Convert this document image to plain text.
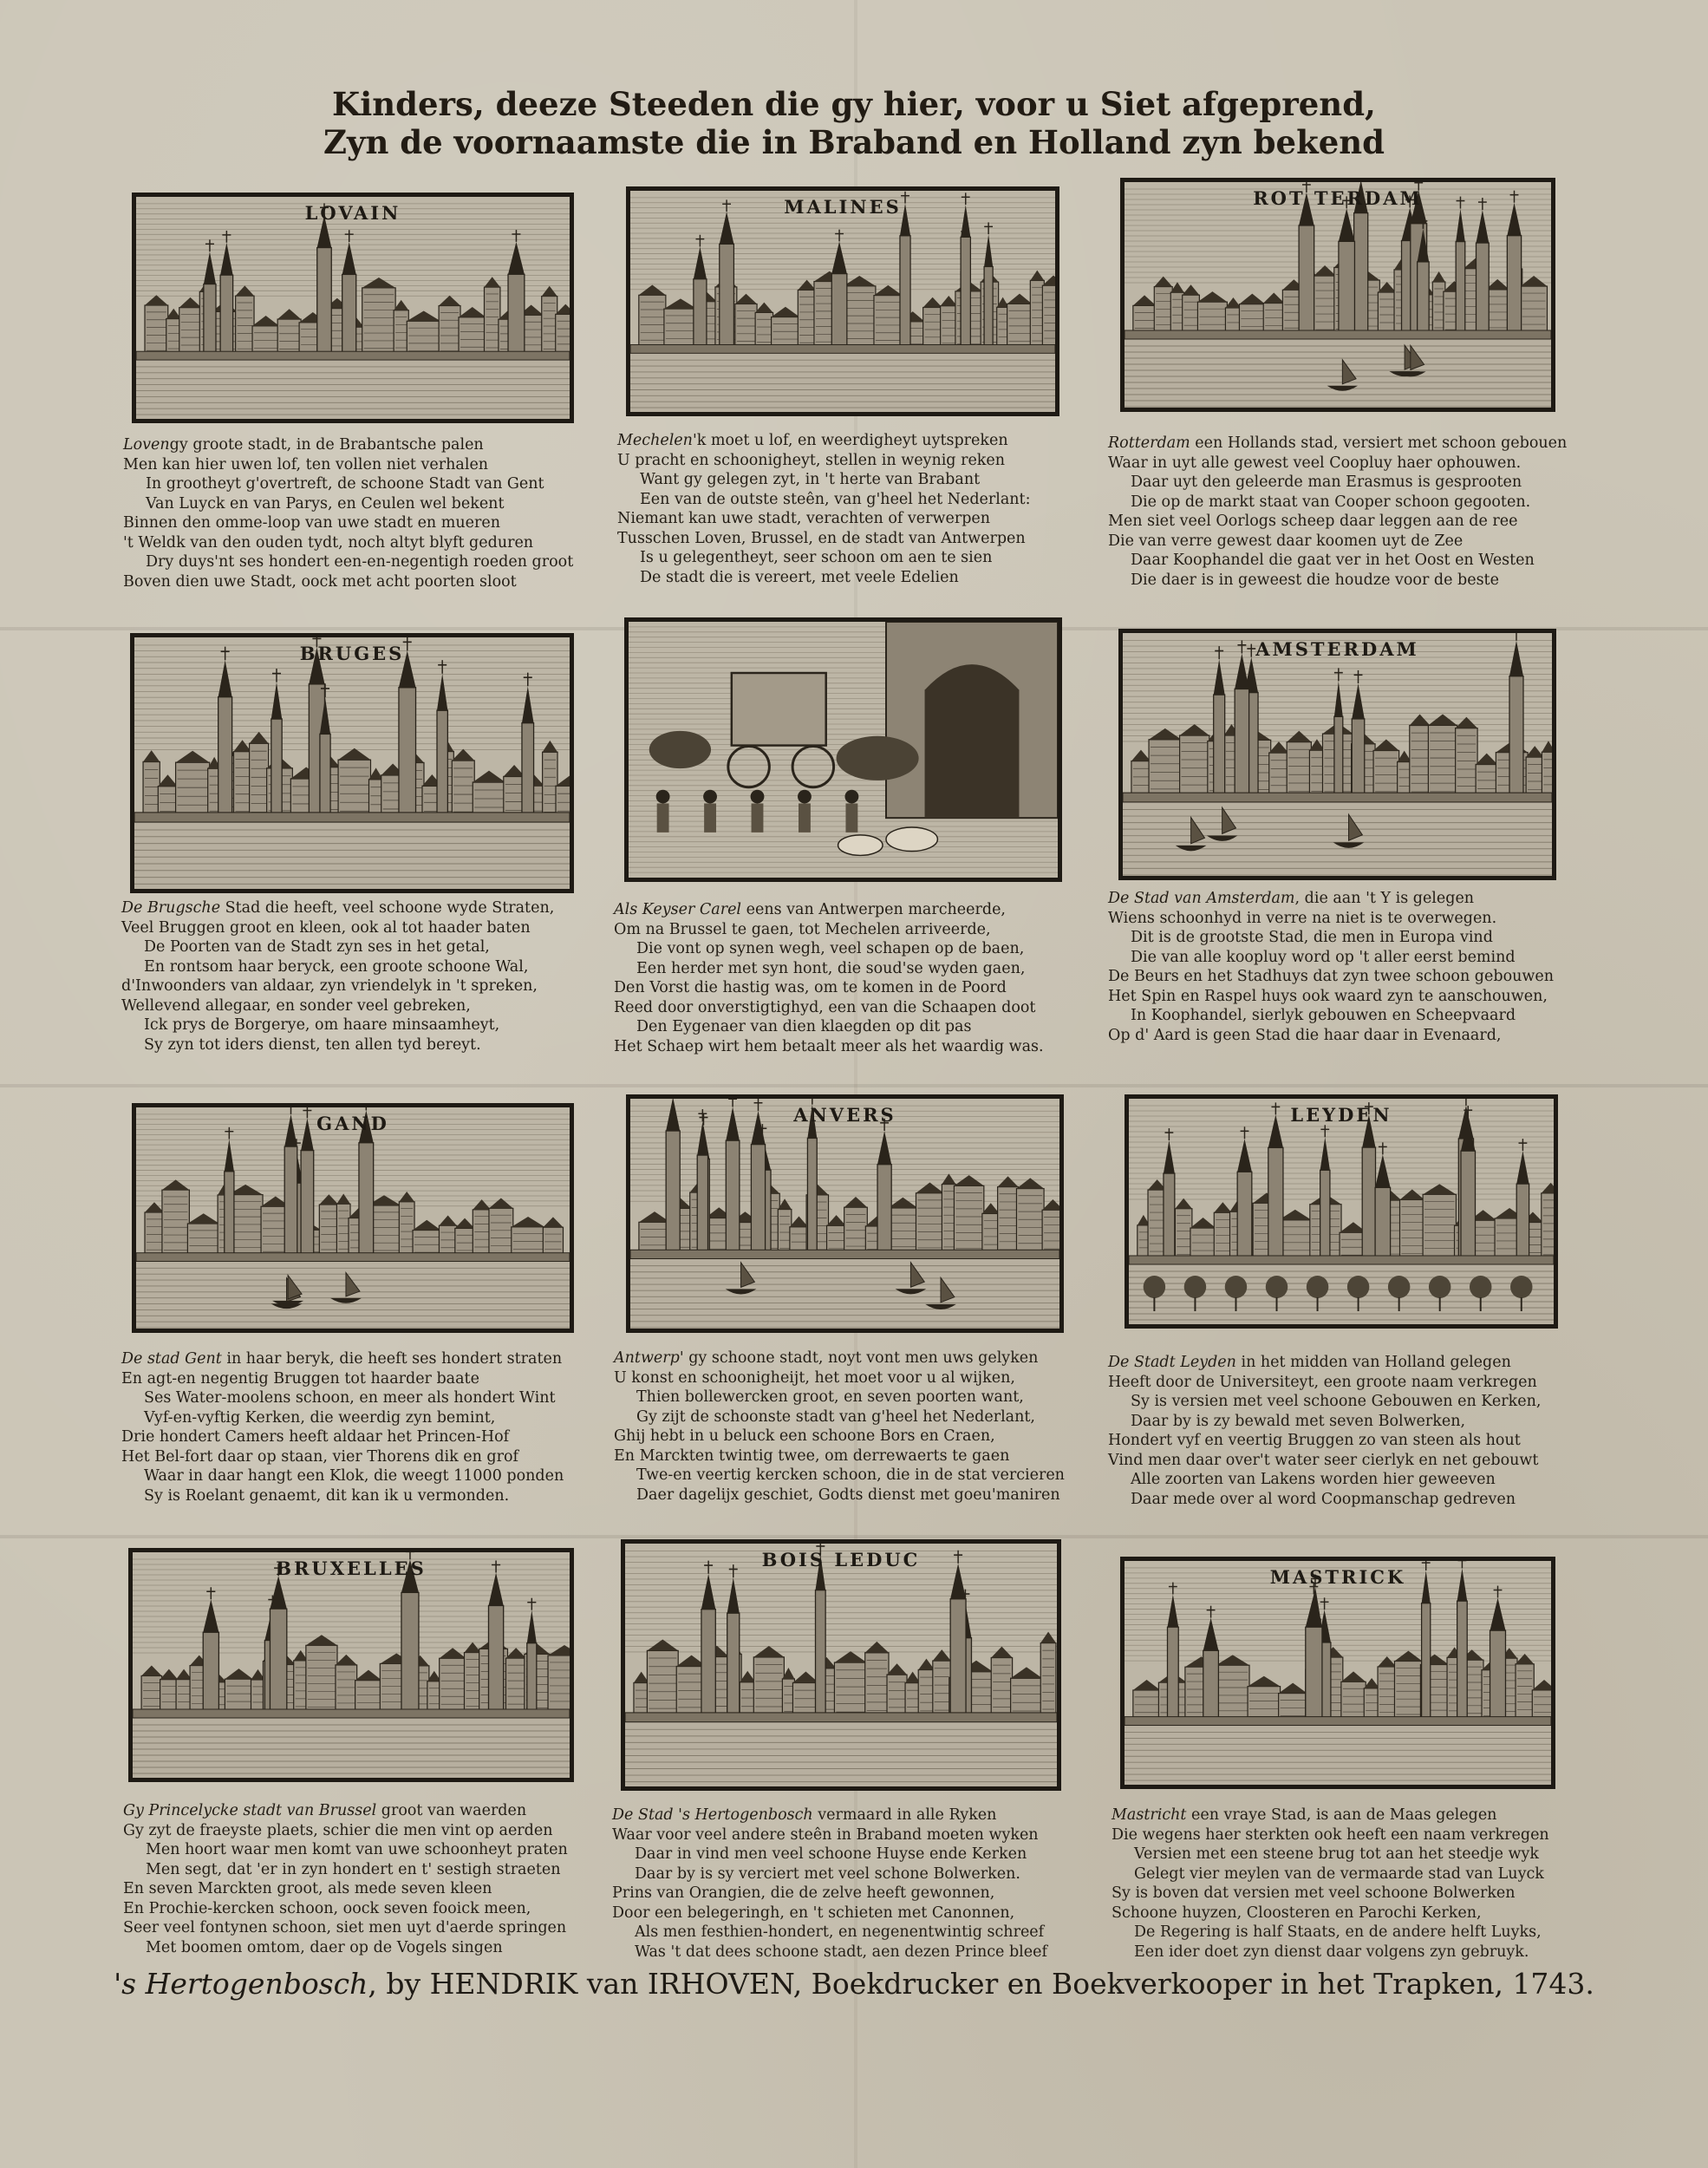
Kinders, deeze Steeden die gy hier, voor u Siet afgeprend,
Zyn de voornaamste die in Braband en Holland zyn bekend
LOVAIN	MALINES	ROT TERDAM
Lovengy groote stadt, in de Brabantsche palen
Men kan hier uwen lof, ten vollen niet verhalen
In grootheyt g'overtreft, de schoone Stadt van Gent
Van Luyck en van Parys, en Ceulen wel bekent
Binnen den omme-loop van uwe stadt en mueren
't Weldk van den ouden tydt, noch altyt blyft geduren
Dry duys'nt ses hondert een-en-negentigh roeden groot
Boven dien uwe Stadt, oock met acht poorten sloot
Mechelen'k moet u lof, en weerdigheyt uytspreken
U pracht en schoonigheyt, stellen in weynig reken
Want gy gelegen zyt, in 't herte van Brabant
Een van de outste steên, van g'heel het Nederlant:
Niemant kan uwe stadt, verachten of verwerpen
Tusschen Loven, Brussel, en de stadt van Antwerpen
Is u gelegentheyt, seer schoon om aen te sien
De stadt die is vereert, met veele Edelien
Rotterdam een Hollands stad, versiert met schoon gebouen
Waar in uyt alle gewest veel Coopluy haer ophouwen.
Daar uyt den geleerde man Erasmus is gesprooten
Die op de markt staat van Cooper schoon gegooten.
Men siet veel Oorlogs scheep daar leggen aan de ree
Die van verre gewest daar koomen uyt de Zee
Daar Koophandel die gaat ver in het Oost en Westen
Die daer is in geweest die houdze voor de beste
BRUGES	AMSTERDAM
De Brugsche Stad die heeft, veel schoone wyde Straten,
Veel Bruggen groot en kleen, ook al tot haader baten
De Poorten van de Stadt zyn ses in het getal,
En rontsom haar beryck, een groote schoone Wal,
d'Inwoonders van aldaar, zyn vriendelyk in 't spreken,
Wellevend allegaar, en sonder veel gebreken,
Ick prys de Borgerye, om haare minsaamheyt,
Sy zyn tot iders dienst, ten allen tyd bereyt.
Als Keyser Carel eens van Antwerpen marcheerde,
Om na Brussel te gaen, tot Mechelen arriveerde,
Die vont op synen wegh, veel schapen op de baen,
Een herder met syn hont, die soud'se wyden gaen,
Den Vorst die hastig was, om te komen in de Poord
Reed door onverstigtighyd, een van die Schaapen doot
Den Eygenaer van dien klaegden op dit pas
Het Schaep wirt hem betaalt meer als het waardig was.
De Stad van Amsterdam, die aan 't Y is gelegen
Wiens schoonhyd in verre na niet is te overwegen.
Dit is de grootste Stad, die men in Europa vind
Die van alle koopluy word op 't aller eerst bemind
De Beurs en het Stadhuys dat zyn twee schoon gebouwen
Het Spin en Raspel huys ook waard zyn te aanschouwen,
In Koophandel, sierlyk gebouwen en Scheepvaard
Op d' Aard is geen Stad die haar daar in Evenaard,
GAND	ANVERS	LEYDEN
De stad Gent in haar beryk, die heeft ses hondert straten
En agt-en negentig Bruggen tot haarder baate
Ses Water-moolens schoon, en meer als hondert Wint
Vyf-en-vyftig Kerken, die weerdig zyn bemint,
Drie hondert Camers heeft aldaar het Princen-Hof
Het Bel-fort daar op staan, vier Thorens dik en grof
Waar in daar hangt een Klok, die weegt 11000 ponden
Sy is Roelant genaemt, dit kan ik u vermonden.
Antwerp' gy schoone stadt, noyt vont men uws gelyken
U konst en schoonigheijt, het moet voor u al wijken,
Thien bollewercken groot, en seven poorten want,
Gy zijt de schoonste stadt van g'heel het Nederlant,
Ghij hebt in u beluck een schoone Bors en Craen,
En Marckten twintig twee, om derrewaerts te gaen
Twe-en veertig kercken schoon, die in de stat vercieren
Daer dagelijx geschiet, Godts dienst met goeu'maniren
De Stadt Leyden in het midden van Holland gelegen
Heeft door de Universiteyt, een groote naam verkregen
Sy is versien met veel schoone Gebouwen en Kerken,
Daar by is zy bewald met seven Bolwerken,
Hondert vyf en veertig Bruggen zo van steen als hout
Vind men daar over't water seer cierlyk en net gebouwt
Alle zoorten van Lakens worden hier geweeven
Daar mede over al word Coopmanschap gedreven
BRUXELLES	BOIS LEDUC
MASTRICK
Gy Princelycke stadt van Brussel groot van waerden
Gy zyt de fraeyste plaets, schier die men vint op aerden
Men hoort waar men komt van uwe schoonheyt praten
Men segt, dat 'er in zyn hondert en t' sestigh straeten
En seven Marckten groot, als mede seven kleen
En Prochie-kercken schoon, oock seven fooick meen,
Seer veel fontynen schoon, siet men uyt d'aerde springen
Met boomen omtom, daer op de Vogels singen
De Stad 's Hertogenbosch vermaard in alle Ryken
Waar voor veel andere steên in Braband moeten wyken
Daar in vind men veel schoone Huyse ende Kerken
Daar by is sy verciert met veel schone Bolwerken.
Prins van Orangien, die de zelve heeft gewonnen,
Door een belegeringh, en 't schieten met Canonnen,
Als men festhien-hondert, en negenentwintig schreef
Was 't dat dees schoone stadt, aen dezen Prince bleef
Mastricht een vraye Stad, is aan de Maas gelegen
Die wegens haer sterkten ook heeft een naam verkregen
Versien met een steene brug tot aan het steedje wyk
Gelegt vier meylen van de vermaarde stad van Luyck
Sy is boven dat versien met veel schoone Bolwerken
Schoone huyzen, Cloosteren en Parochi Kerken,
De Regering is half Staats, en de andere helft Luyks,
Een ider doet zyn dienst daar volgens zyn gebruyk.
's Hertogenbosch, by HENDRIK van IRHOVEN, Boekdrucker en Boekverkooper in het Trapken, 1743.
